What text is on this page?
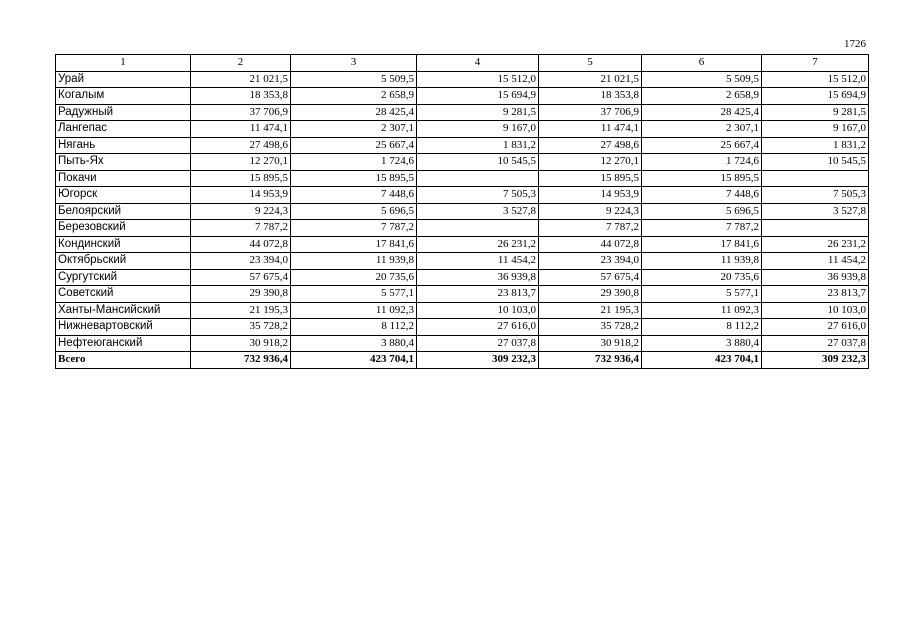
1726
1	2	3	4	5	6	7
Урай	21 021,5	5 509,5	15 512,0	21 021,5	5 509,5	15 512,0
Когалым	18 353,8	2 658,9	15 694,9	18 353,8	2 658,9	15 694,9
Радужный	37 706,9	28 425,4	9 281,5	37 706,9	28 425,4	9 281,5
Лангепас	11 474,1	2 307,1	9 167,0	11 474,1	2 307,1	9 167,0
Нягань	27 498,6	25 667,4	1 831,2	27 498,6	25 667,4	1 831,2
Пыть-Ях	12 270,1	1 724,6	10 545,5	12 270,1	1 724,6	10 545,5
Покачи	15 895,5	15 895,5		15 895,5	15 895,5	
Югорск	14 953,9	7 448,6	7 505,3	14 953,9	7 448,6	7 505,3
Белоярский	9 224,3	5 696,5	3 527,8	9 224,3	5 696,5	3 527,8
Березовский	7 787,2	7 787,2		7 787,2	7 787,2	
Кондинский	44 072,8	17 841,6	26 231,2	44 072,8	17 841,6	26 231,2
Октябрьский	23 394,0	11 939,8	11 454,2	23 394,0	11 939,8	11 454,2
Сургутский	57 675,4	20 735,6	36 939,8	57 675,4	20 735,6	36 939,8
Советский	29 390,8	5 577,1	23 813,7	29 390,8	5 577,1	23 813,7
Ханты-Мансийский	21 195,3	11 092,3	10 103,0	21 195,3	11 092,3	10 103,0
Нижневартовский	35 728,2	8 112,2	27 616,0	35 728,2	8 112,2	27 616,0
Нефтеюганский	30 918,2	3 880,4	27 037,8	30 918,2	3 880,4	27 037,8
Всего	732 936,4	423 704,1	309 232,3	732 936,4	423 704,1	309 232,3
